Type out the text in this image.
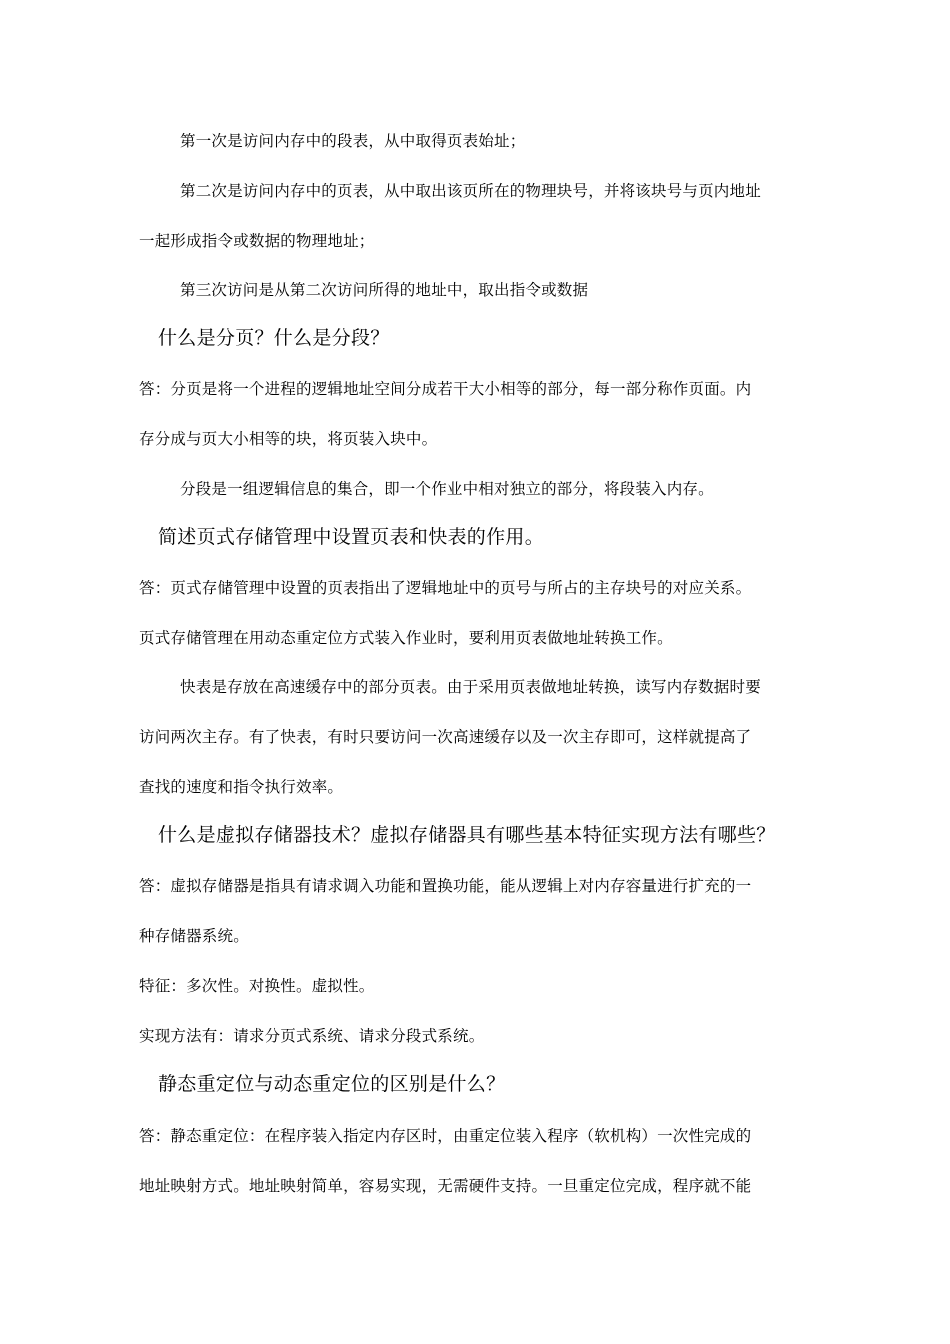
第一次是访问内存中的段表，从中取得页表始址；
第二次是访问内存中的页表，从中取出该页所在的物理块号，并将该块号与页内地址
一起形成指令或数据的物理地址；
第三次访问是从第二次访问所得的地址中，取出指令或数据
什么是分页？什么是分段？
答：分页是将一个进程的逻辑地址空间分成若干大小相等的部分，每一部分称作页面。内
存分成与页大小相等的块，将页装入块中。
分段是一组逻辑信息的集合，即一个作业中相对独立的部分，将段装入内存。
简述页式存储管理中设置页表和快表的作用。
答：页式存储管理中设置的页表指出了逻辑地址中的页号与所占的主存块号的对应关系。
页式存储管理在用动态重定位方式装入作业时，要利用页表做地址转换工作。
快表是存放在高速缓存中的部分页表。由于采用页表做地址转换，读写内存数据时要
访问两次主存。有了快表，有时只要访问一次高速缓存以及一次主存即可，这样就提高了
查找的速度和指令执行效率。
什么是虚拟存储器技术？虚拟存储器具有哪些基本特征实现方法有哪些？
答：虚拟存储器是指具有请求调入功能和置换功能，能从逻辑上对内存容量进行扩充的一
种存储器系统。
特征：多次性。对换性。虚拟性。
实现方法有：请求分页式系统、请求分段式系统。
静态重定位与动态重定位的区别是什么？
答：静态重定位：在程序装入指定内存区时，由重定位装入程序（软机构）一次性完成的
地址映射方式。地址映射简单，容易实现，无需硬件支持。一旦重定位完成，程序就不能
